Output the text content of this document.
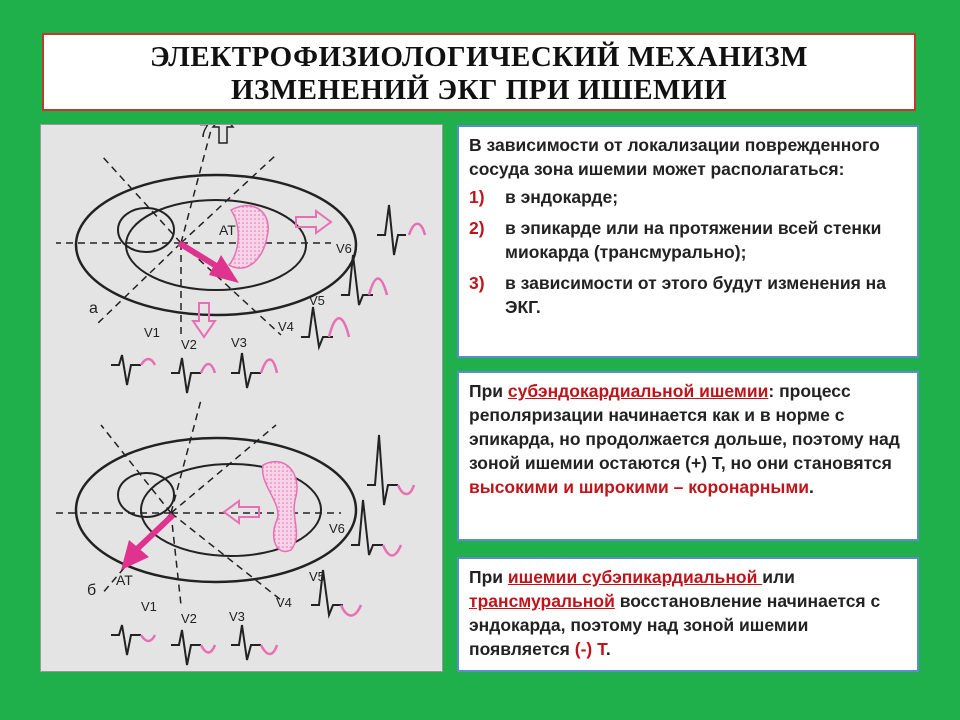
ЭЛЕКТРОФИЗИОЛОГИЧЕСКИЙ МЕХАНИЗМ
ИЗМЕНЕНИЙ ЭКГ ПРИ ИШЕМИИ
7
AT
а
V1
V2	V3
V4
V5
V6
AT
б
V1
V2 V3
V4
V5
V6
В зависимости от локализации поврежденного сосуда зона ишемии может располагаться:
1)	в эндокарде;
2)	в эпикарде или на протяжении всей стенки миокарда (трансмурально);
3)	в зависимости от этого будут изменения на ЭКГ.
При субэндокардиальной ишемии: процесс реполяризации начинается как и в норме с эпикарда, но продолжается дольше, поэтому над зоной ишемии остаются (+) Т, но они становятся высокими и широкими – коронарными.
При ишемии субэпикардиальной или трансмуральной восстановление начинается с эндокарда, поэтому над зоной ишемии появляется (-) Т.
